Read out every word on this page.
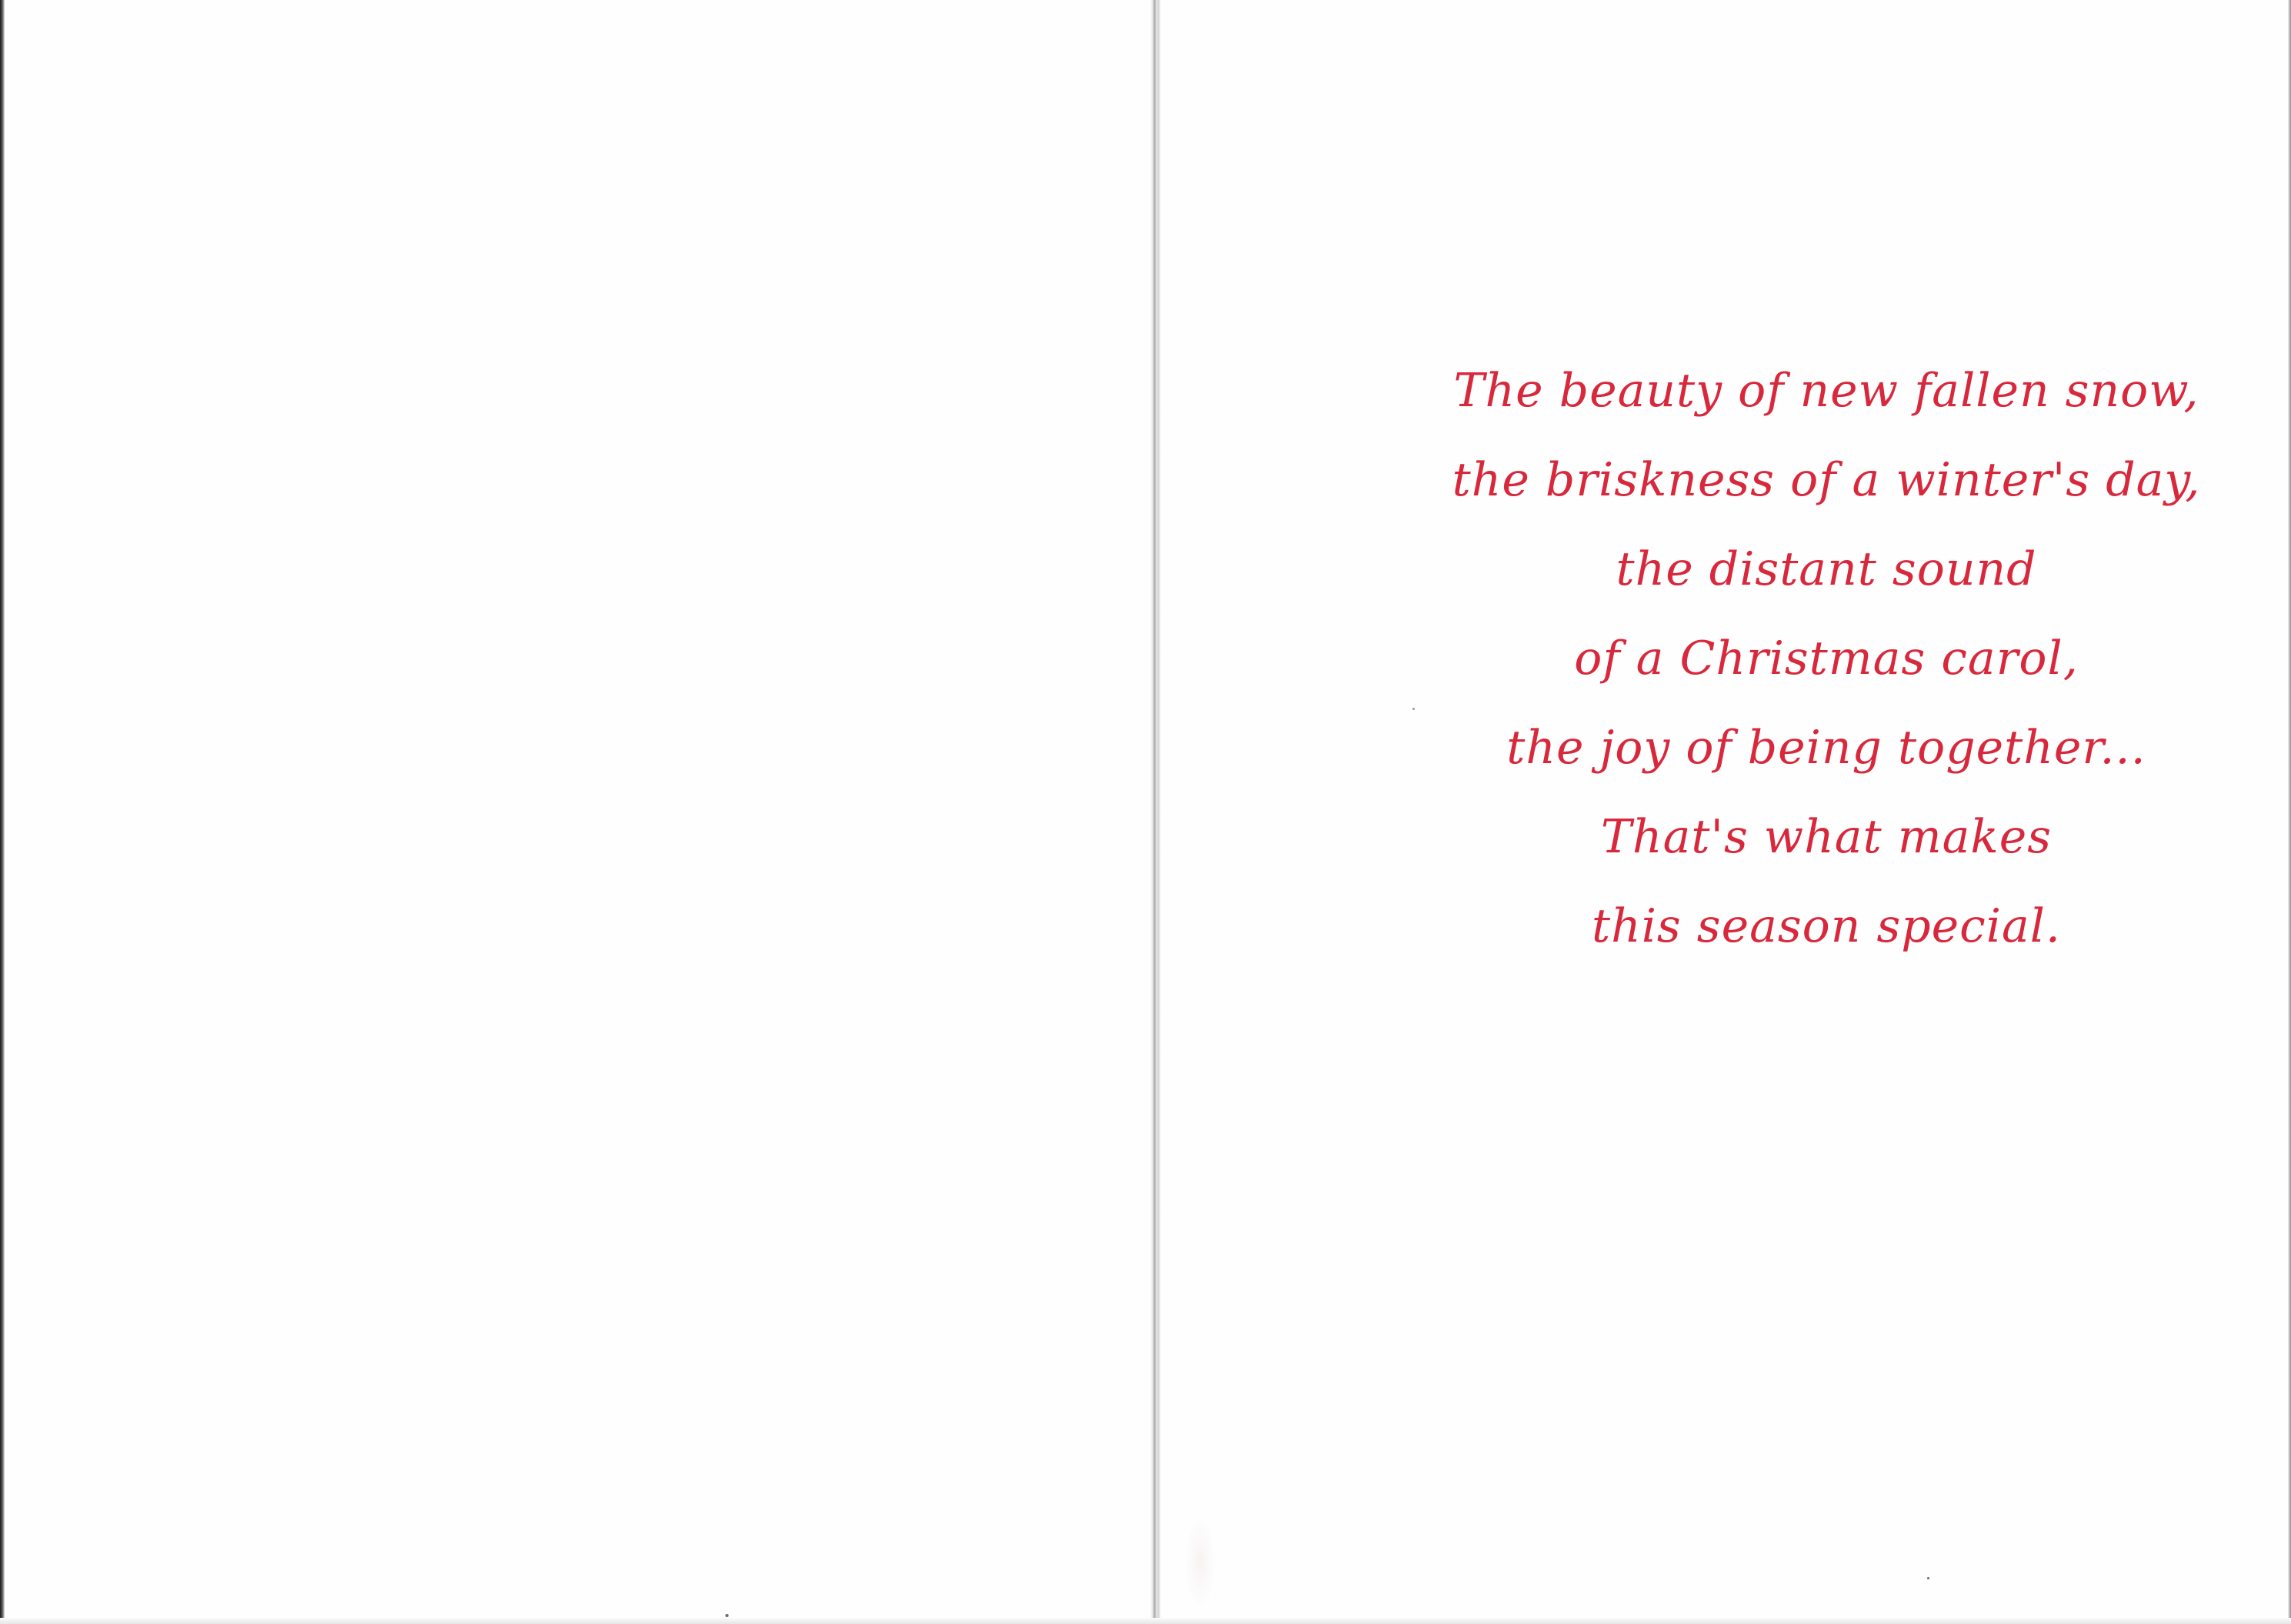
The beauty of new fallen snow,
the briskness of a winter's day,
the distant sound
of a Christmas carol,
the joy of being together...
That's what makes
this season special.
